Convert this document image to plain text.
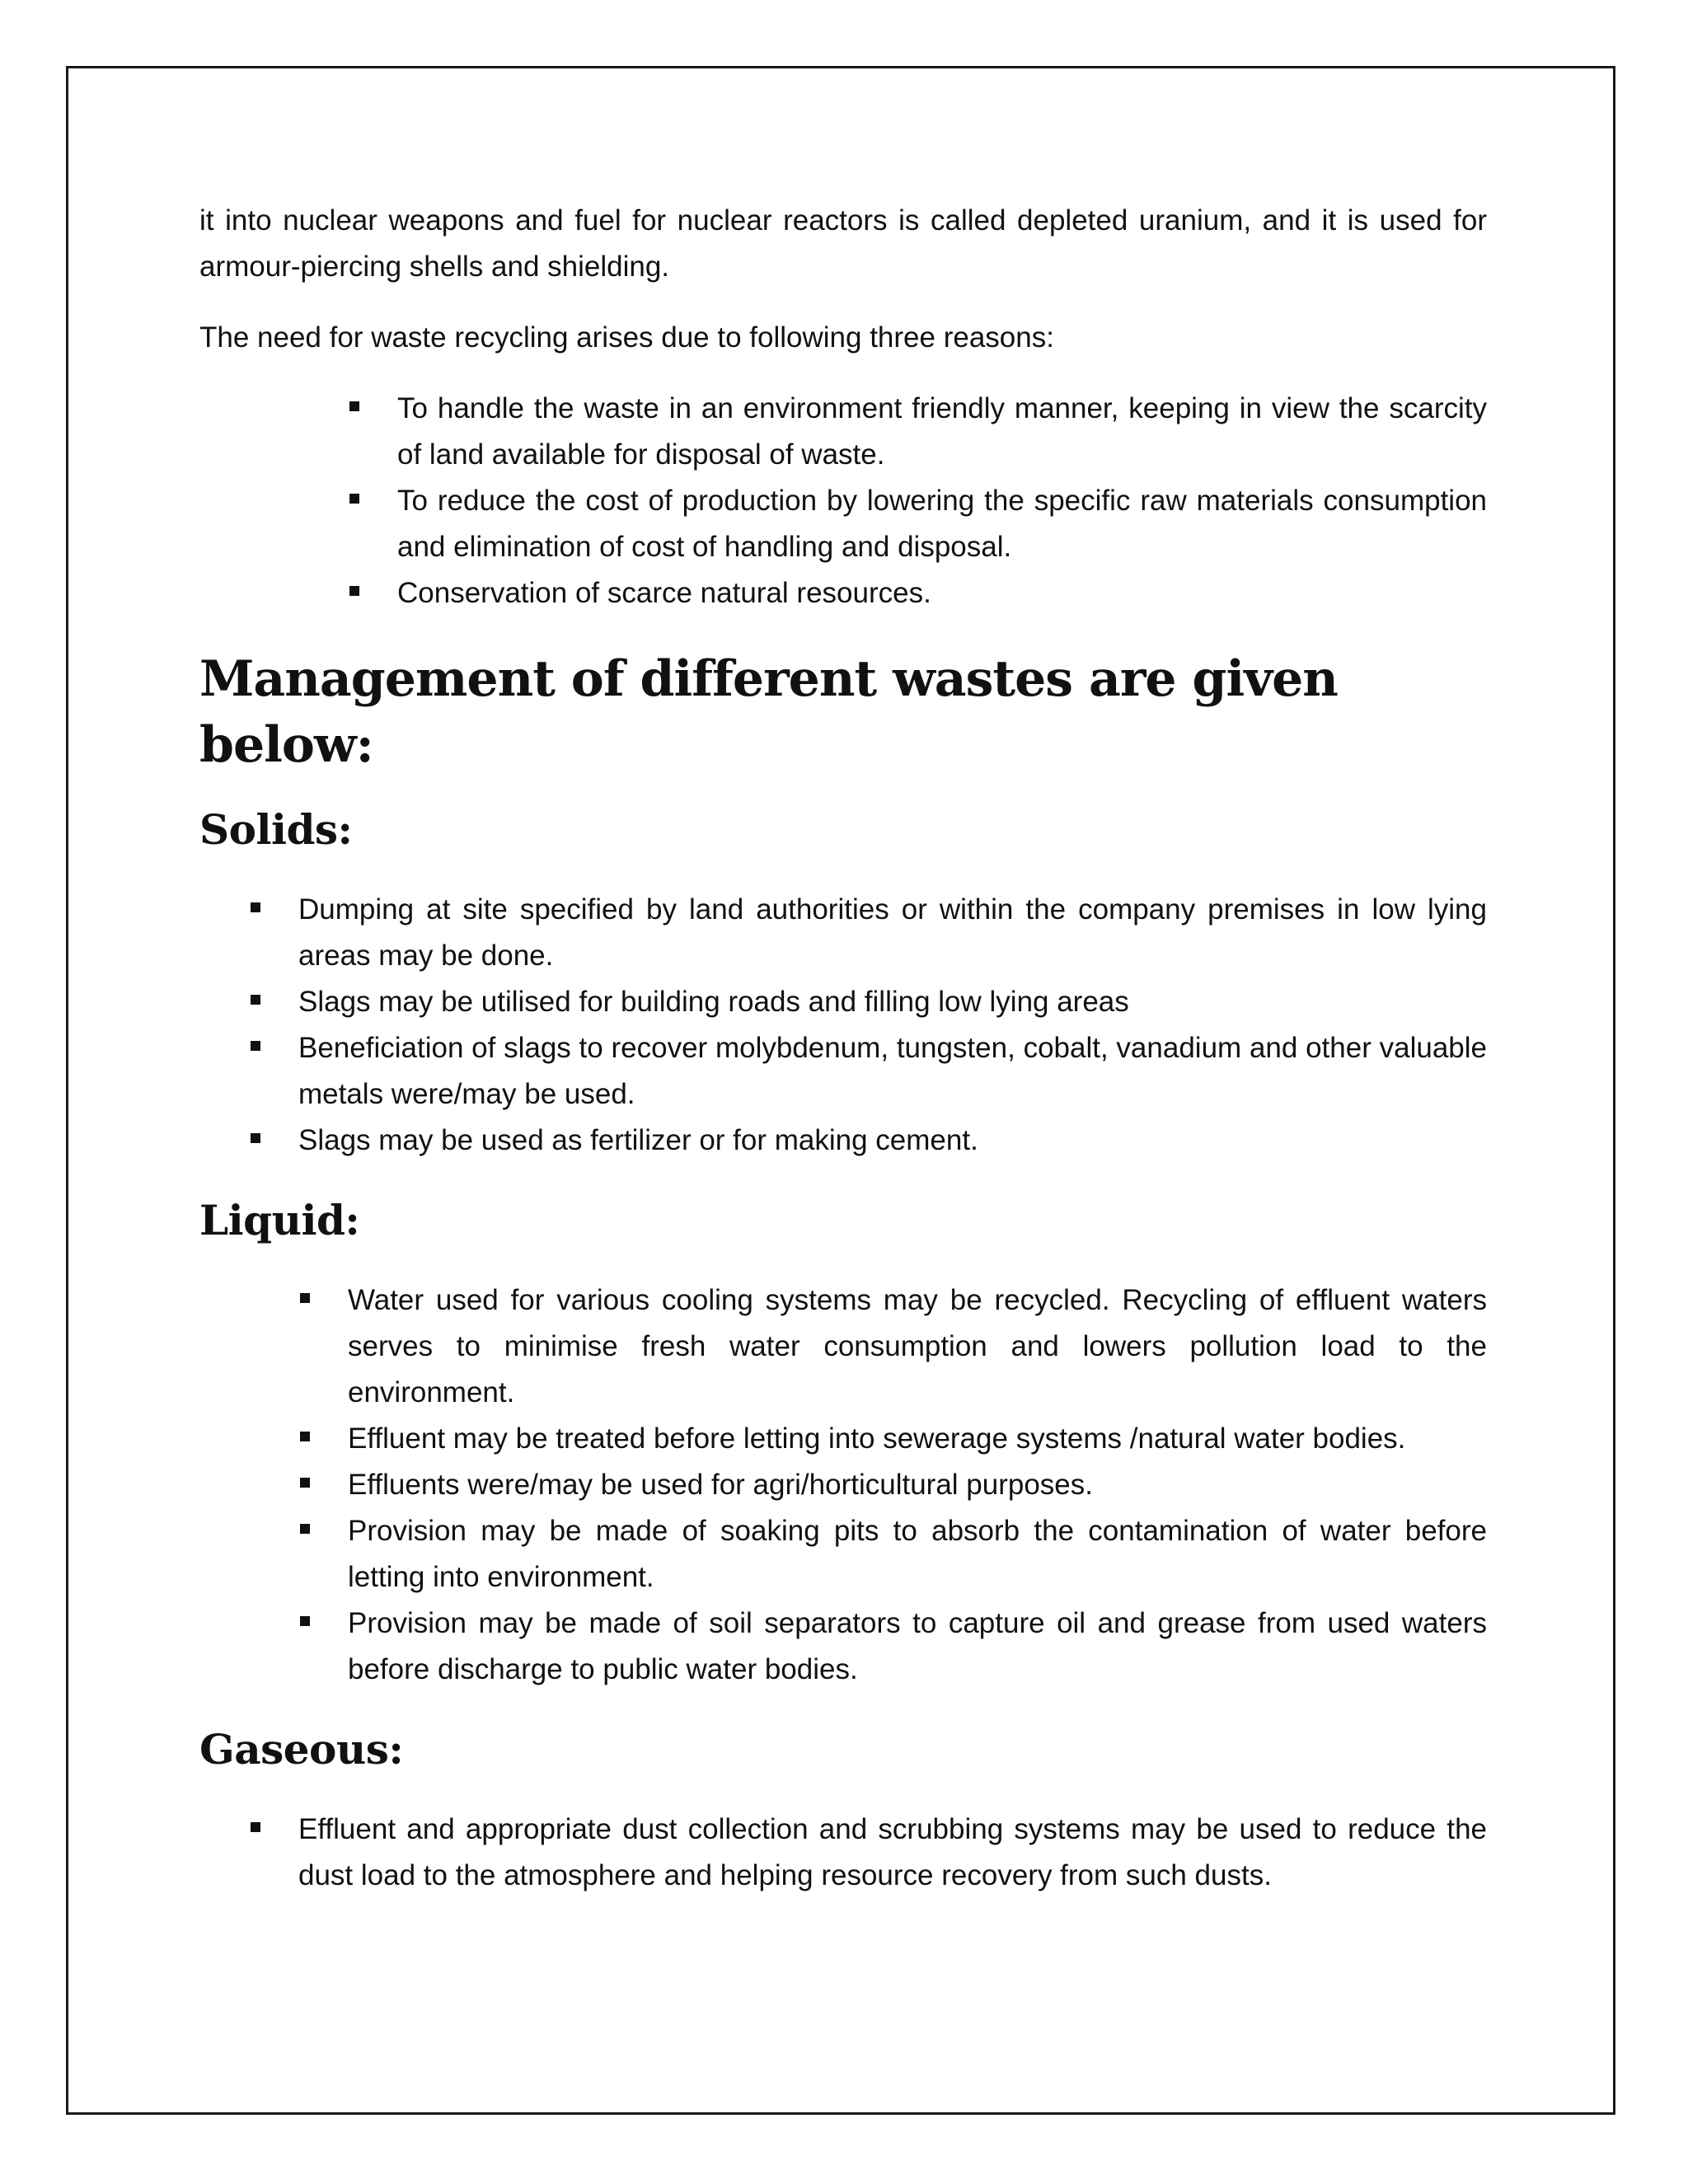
it into nuclear weapons and fuel for nuclear reactors is called depleted uranium, and it is used for armour-piercing shells and shielding.

The need for waste recycling arises due to following three reasons:

To handle the waste in an environment friendly manner, keeping in view the scarcity of land available for disposal of waste.
To reduce the cost of production by lowering the specific raw materials consumption and elimination of cost of handling and disposal.
Conservation of scarce natural resources.
Management of different wastes are given below:
Solids:
Dumping at site specified by land authorities or within the company premises in low lying areas may be done.
Slags may be utilised for building roads and filling low lying areas
Beneficiation of slags to recover molybdenum, tungsten, cobalt, vanadium and other valuable metals were/may be used.
Slags may be used as fertilizer or for making cement.
Liquid:
Water used for various cooling systems may be recycled. Recycling of effluent waters serves to minimise fresh water consumption and lowers pollution load to the environment.
Effluent may be treated before letting into sewerage systems /natural water bodies.
Effluents were/may be used for agri/horticultural purposes.
Provision may be made of soaking pits to absorb the contamination of water before letting into environment.
Provision may be made of soil separators to capture oil and grease from used waters before discharge to public water bodies.
Gaseous:
Effluent and appropriate dust collection and scrubbing systems may be used to reduce the dust load to the atmosphere and helping resource recovery from such dusts.
